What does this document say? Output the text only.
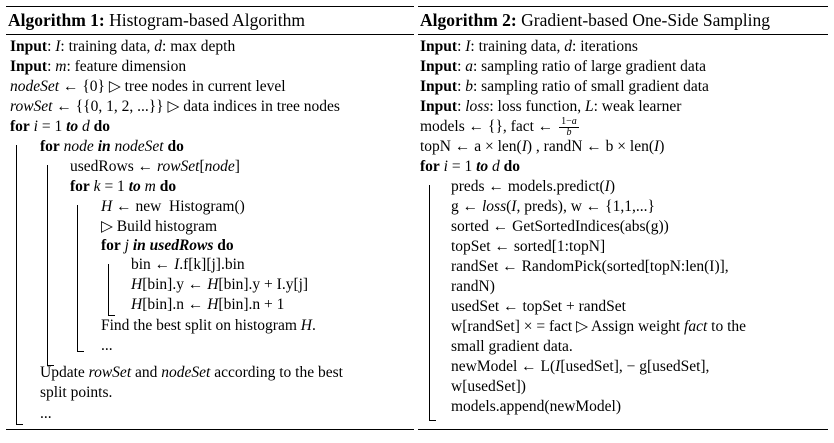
Algorithm 1: Histogram-based Algorithm
Input: I: training data, d: max depth
Input: m: feature dimension
nodeSet ← {0} ▷ tree nodes in current level
rowSet ← {{0, 1, 2, ...}} ▷ data indices in tree nodes
for i = 1 to d do
for node in nodeSet do
usedRows ← rowSet[node]
for k = 1 to m do
H ← new  Histogram()
▷ Build histogram
for j in usedRows do
bin ← I.f[k][j].bin
H[bin].y ← H[bin].y + I.y[j]
H[bin].n ← H[bin].n + 1
Find the best split on histogram H.
...
Update rowSet and nodeSet according to the best
split points.
...
Algorithm 2: Gradient-based One-Side Sampling
Input: I: training data, d: iterations
Input: a: sampling ratio of large gradient data
Input: b: sampling ratio of small gradient data
Input: loss: loss function, L: weak learner
models ← {}, fact ← $\frac{1-a}{b}$
topN ← a × len(I) , randN ← b × len(I)
for i = 1 to d do
preds ← models.predict(I)
g ← loss(I, preds), w ← {1,1,...}
sorted ← GetSortedIndices(abs(g))
topSet ← sorted[1:topN]
randSet ← RandomPick(sorted[topN:len(I)],
randN)
usedSet ← topSet + randSet
w[randSet] × = fact ▷ Assign weight fact to the
small gradient data.
newModel ← L(I[usedSet], − g[usedSet],
w[usedSet])
models.append(newModel)
